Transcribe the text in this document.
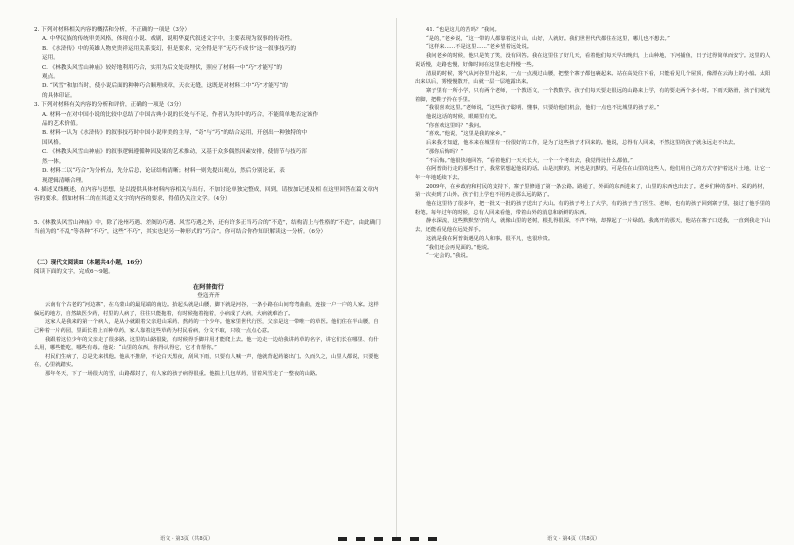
2. 下列对材料相关内容的概括和分析，不正确的一项是（3分）

A. 中华民族的传统审美风格，体现在小说、戏剧，说明华夏代叙述文字中，主要表现为叙事的传奇性。

B. 《水浒传》中的英雄人物史贵祥运用关系变幻，但是要求，完全得是平“无巧不成书”这一叙事技巧的

运用。

C. 《林教头风雪山神庙》较好地利用巧合，实用为后文处设埋伏，照应了材料一中“巧”才能写“的

观点。

D. “风雪”和加当时，使小说后面的种种巧合顺理成章，天衣无缝，这既是对材料二中“巧”才能写“的

的具体印证。

3. 下列对材料有关内容的分析和评价，正确的一项是（3分）

A. 材料一在对中国小说的比较中总结了中国古典小说的长处与不足，作者认为其中的巧合，不能简单地否定该作

品的艺术价值。

B. 材料一认为《水浒传》的叙事技巧时中国小说审美的主导，“奇”与“巧”的结合运用，开创出一种独特的中

国风格。

C. 《林教头风雪山神庙》的叙事逻辑遵循种因及果的艺术推动，又基于众多偶然因素安排，使情节与技巧浑

然一体。

D. 材料二以“巧合”为分析点，先分后总，论证结构清晰；材料一则先提出观点，然后分别论证，表

现逻辑清晰合理。

4. 描述叉线概述，在内容与思想，是以提供具体材料内容相关与出行，不加讨论单独完整成，回到，请按加记述及相 在这里回答在篇文章内容的要求。假如材料二的在其道义文字的内容的要求，得值仍关注文学。（4分）

5.《林教头风雪山神庙》中，除了沧州巧遇、差阁访巧遇、风雪巧遇之外，还有许多正当巧合的“不造”，结构清上与性格的“不造”，由此确门当前为的“不乱”等各种“不巧”，这些“不巧”，其实也是另一种形式的“巧合”。你可结合你作知识解读这一分析。（6分）

（二）现代文阅读Ⅱ（本题共4小题，16分）

阅读下面的文字，完成6～9题。

在阿普街行

登寇齐齐

云南有个古老的“河边寨”，在乌蒙山的最尾端的南边。抬起头就是山腰，脚下就是河谷，一条小路在山间弯弯曲曲，连接一户一户的人家。这样偏远的地方，自然缺医少药，村里的人病了，往往只能拖着，有时候拖着拖着，小病成了大病，大病就难治了。

这家人是我来的第一个病人，是从小就跟着父亲进山采药、熬药的一个少年。他家里世代行医，父亲是这一带唯一的草医。他们住在半山腰，自己种着一片药园，里面长着上百种草药，家人靠着这些草药为村民看病，分文不取，只收一点点心意。

我跟着这位少年的父亲走了很多路。这里的山路很陡，有时候得手脚并用才能爬上去。他一边走一边给我讲药草的名字，讲它们长在哪里、有什么用，哪些能吃，哪些有毒。他说：“山里的东西，你得认得它，它才肯帮你。”

村民们生病了，总是先来找他。他从不推辞，不论白天黑夜，刮风下雨，只要有人喊一声，他就背起药篓出门。久而久之，山里人都说，只要他在，心里就踏实。

那年冬天，下了一场很大的雪，山路都封了，有人家的孩子病得很重。他揣上几包草药，冒着风雪走了一整夜的山路。

语文 · 第3页（共8页）

41. “也是这儿的苦吗？”我问。

“是的，”老乡说，“这一带的人都靠着这片山，山好，人就好。我们世世代代都住在这里，哪儿也不想去。”

“这样来……不是这里……”老乡望着远处说。

我问老乡的时候，他只是笑了笑，没有回答。我在这里住了好几天，看着他们每天早出晚归，上山种地，下河捕鱼，日子过得简单而安宁。这里的人说话慢，走路也慢，好像时间在这里也走得慢一些。

清晨的时候，雾气从河谷里升起来，一点一点漫过山腰，把整个寨子都包裹起来。站在高处往下看，只能看见几个屋顶，像漂在云海上的小船。太阳出来以后，雾慢慢散开，山就一层一层地露出来。

寨子里有一所小学，只有两个老师，一个教语文，一个教数学。孩子们每天要走很远的山路来上学，有的要走两个多小时。下雨天路滑，孩子们就光着脚，把鞋子拎在手里。

“我很喜欢这里。”老师说，“这些孩子聪明、懂事，只要给他们机会，他们一点也不比城里的孩子差。”

他说这话的时候，眼睛里有光。

“你喜欢这里吗？”我问。

“喜欢。”他说，“这里是我的家乡。”

后来我才知道，他本来在城里有一份很好的工作，是为了这些孩子才回来的。他说，总得有人回来，不然这里的孩子就永远走不出去。

“那你后悔吗？”

“不后悔。”他很快地回答，“看着他们一天天长大，一个一个考出去，我觉得比什么都值。”

在阿普街行走的那些日子，我常常想起他说的话。山是沉默的，河也是沉默的，可是住在山里的这些人，他们用自己的方式守护着这片土地，让它一年一年地延续下去。

2009年，在乡政府和村民的支持下，寨子里修通了第一条公路。路通了，外面的东西进来了，山里的东西也出去了。老乡们种的茶叶、采的药材，第一次卖到了山外。孩子们上学也不用再走那么远的路了。

他在这里待了很多年，把一批又一批的孩子送出了大山。有的孩子考上了大学，有的孩子当了医生、老师，也有的孩子回到寨子里，接过了他手里的粉笔。每年过年的时候，总有人回来看他，带着山外的消息和新鲜的东西。

静水深流，这些默默坚守的人，就像山里的老树，根扎得很深，不声不响，却撑起了一片绿荫。我离开的那天，他站在寨子口送我，一直到我走下山去，还能看见他在远处挥手。

这就是我在阿普街遇见的人和事。很平凡，也很珍贵。

“我们还会再见面的。”他说。

“一定会的。”我说。

语文 · 第4页（共8页）
